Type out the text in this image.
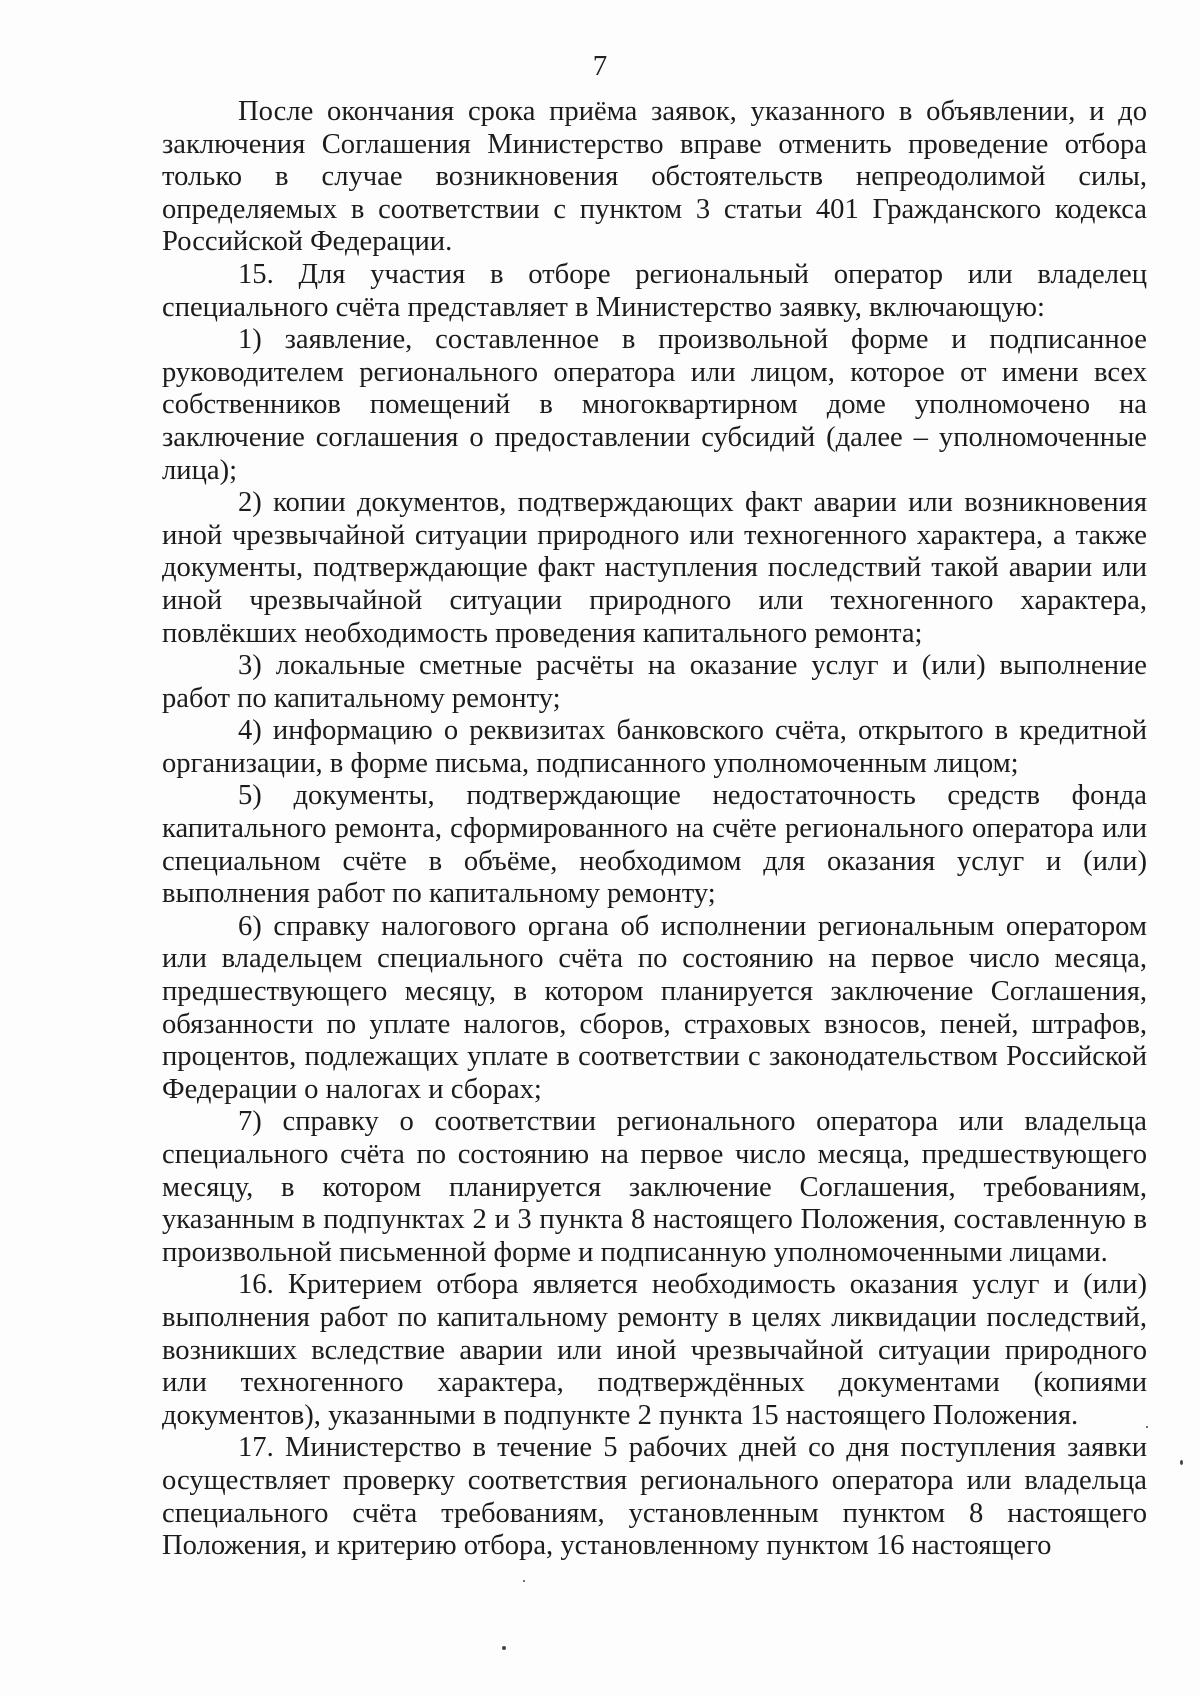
7

После окончания срока приёма заявок, указанного в объявлении, и до заключения Соглашения Министерство вправе отменить проведение отбора только в случае возникновения обстоятельств непреодолимой силы, определяемых в соответствии с пунктом 3 статьи 401 Гражданского кодекса Российской Федерации.

15. Для участия в отборе региональный оператор или владелец специального счёта представляет в Министерство заявку, включающую:

1) заявление, составленное в произвольной форме и подписанное руководителем регионального оператора или лицом, которое от имени всех собственников помещений в многоквартирном доме уполномочено на заключение соглашения о предоставлении субсидий (далее – уполномоченные лица);

2) копии документов, подтверждающих факт аварии или возникновения иной чрезвычайной ситуации природного или техногенного характера, а также документы, подтверждающие факт наступления последствий такой аварии или иной чрезвычайной ситуации природного или техногенного характера, повлёкших необходимость проведения капитального ремонта;

3) локальные сметные расчёты на оказание услуг и (или) выполнение работ по капитальному ремонту;

4) информацию о реквизитах банковского счёта, открытого в кредитной организации, в форме письма, подписанного уполномоченным лицом;

5) документы, подтверждающие недостаточность средств фонда капитального ремонта, сформированного на счёте регионального оператора или специальном счёте в объёме, необходимом для оказания услуг и (или) выполнения работ по капитальному ремонту;

6) справку налогового органа об исполнении региональным оператором или владельцем специального счёта по состоянию на первое число месяца, предшествующего месяцу, в котором планируется заключение Соглашения, обязанности по уплате налогов, сборов, страховых взносов, пеней, штрафов, процентов, подлежащих уплате в соответствии с законодательством Российской Федерации о налогах и сборах;

7) справку о соответствии регионального оператора или владельца специального счёта по состоянию на первое число месяца, предшествующего месяцу, в котором планируется заключение Соглашения, требованиям, указанным в подпунктах 2 и 3 пункта 8 настоящего Положения, составленную в произвольной письменной форме и подписанную уполномоченными лицами.

16. Критерием отбора является необходимость оказания услуг и (или) выполнения работ по капитальному ремонту в целях ликвидации последствий, возникших вследствие аварии или иной чрезвычайной ситуации природного или техногенного характера, подтверждённых документами (копиями документов), указанными в подпункте 2 пункта 15 настоящего Положения.

17. Министерство в течение 5 рабочих дней со дня поступления заявки осуществляет проверку соответствия регионального оператора или владельца специального счёта требованиям, установленным пунктом 8 настоящего Положения, и критерию отбора, установленному пунктом 16 настоящего
